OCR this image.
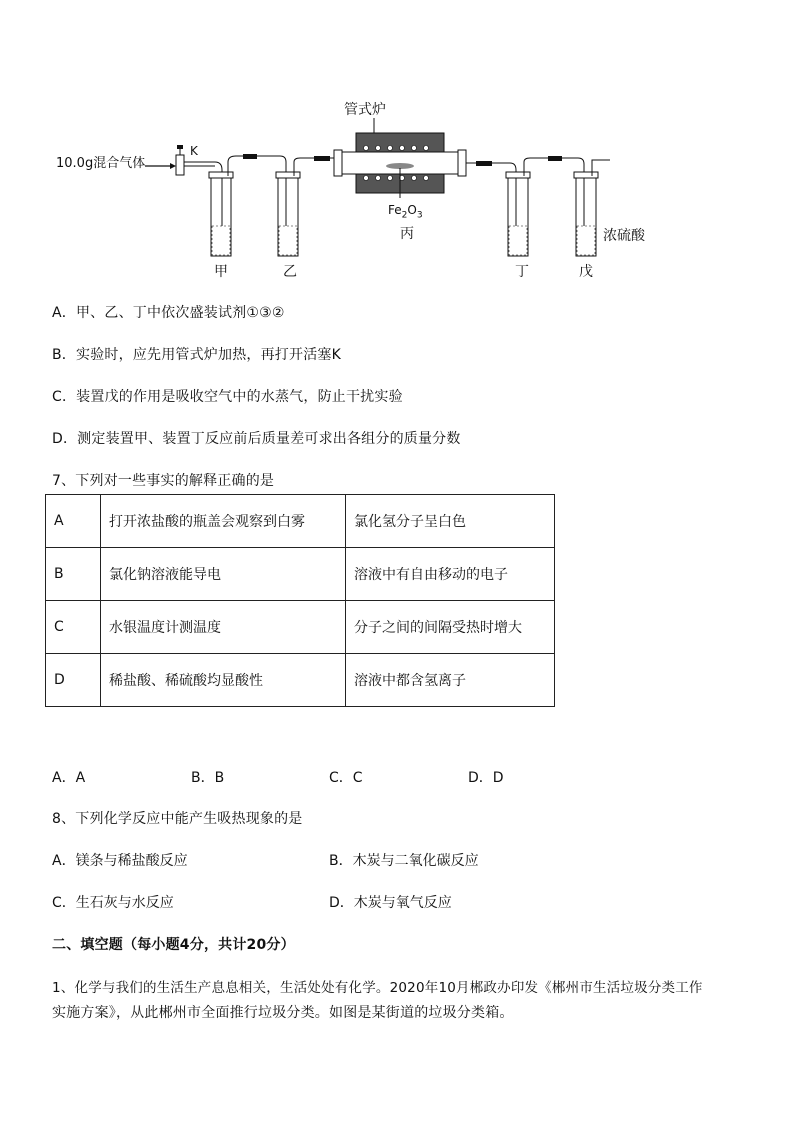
管式炉
10.0g混合气体
K
$Fe_2O_3$
丙	浓硫酸
甲	乙	丁	戊
A．甲、乙、丁中依次盛装试剂①③②
B．实验时，应先用管式炉加热，再打开活塞K
C．装置戊的作用是吸收空气中的水蒸气，防止干扰实验
D．测定装置甲、装置丁反应前后质量差可求出各组分的质量分数
7、下列对一些事实的解释正确的是
A	打开浓盐酸的瓶盖会观察到白雾	氯化氢分子呈白色
B	氯化钠溶液能导电	溶液中有自由移动的电子
C	水银温度计测温度	分子之间的间隔受热时增大
D	稀盐酸、稀硫酸均显酸性	溶液中都含氢离子
A．A	B．B	C．C	D．D
8、下列化学反应中能产生吸热现象的是
A．镁条与稀盐酸反应	B．木炭与二氧化碳反应
C．生石灰与水反应	D．木炭与氧气反应
二、填空题（每小题4分，共计20分）
1、化学与我们的生活生产息息相关，生活处处有化学。2020年10月郴政办印发《郴州市生活垃圾分类工作
实施方案》，从此郴州市全面推行垃圾分类。如图是某街道的垃圾分类箱。
